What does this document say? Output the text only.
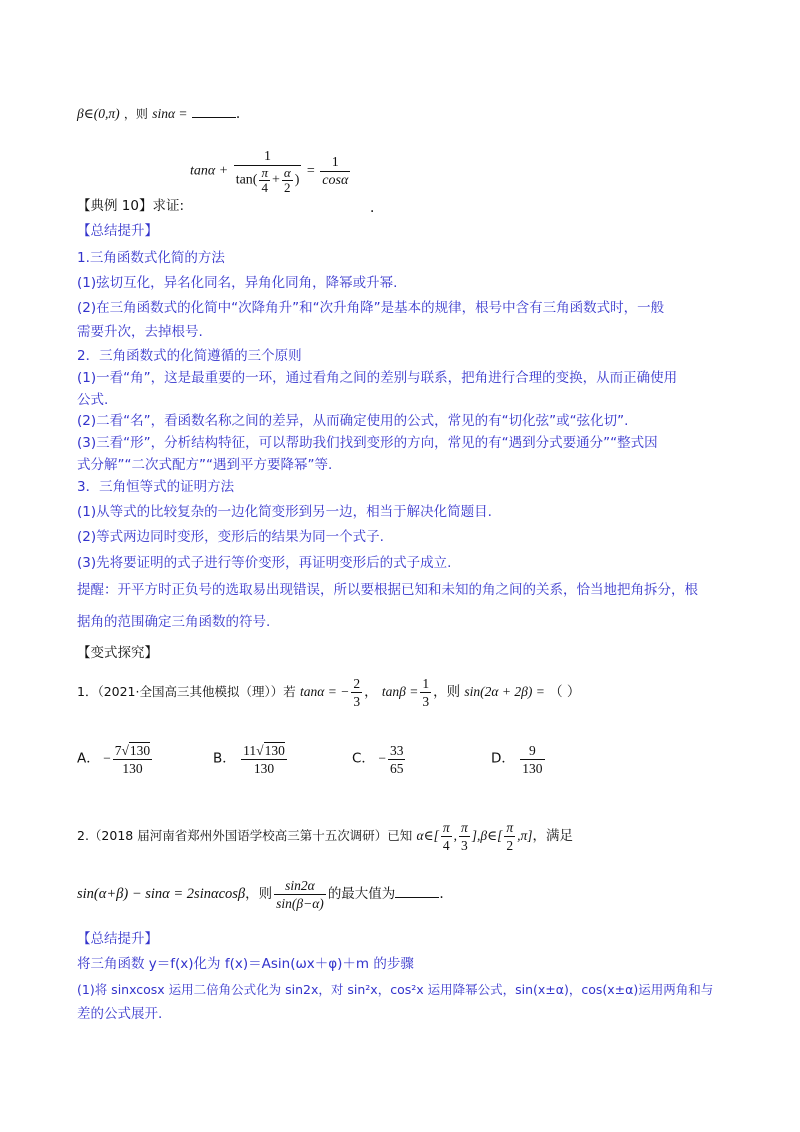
β∈(0,π) ，则 sinα =	.
$\tan\alpha + \frac{1}{\tan( \frac{\pi}{4} + \frac{\alpha}{2} )} = \frac{1}{\cos\alpha}$
【典例 10】求证:	.
【总结提升】
1.三角函数式化简的方法
(1)弦切互化，异名化同名，异角化同角，降幂或升幂.
(2)在三角函数式的化简中“次降角升”和“次升角降”是基本的规律，根号中含有三角函数式时，一般
需要升次，去掉根号.
2．三角函数式的化简遵循的三个原则
(1)一看“角”，这是最重要的一环，通过看角之间的差别与联系，把角进行合理的变换，从而正确使用
公式.
(2)二看“名”，看函数名称之间的差异，从而确定使用的公式，常见的有“切化弦”或“弦化切”.
(3)三看“形”，分析结构特征，可以帮助我们找到变形的方向，常见的有“遇到分式要通分”“整式因
式分解”“二次式配方”“遇到平方要降幂”等.
3．三角恒等式的证明方法
(1)从等式的比较复杂的一边化简变形到另一边，相当于解决化简题目.
(2)等式两边同时变形，变形后的结果为同一个式子.
(3)先将要证明的式子进行等价变形，再证明变形后的式子成立.
提醒：开平方时正负号的选取易出现错误，所以要根据已知和未知的角之间的关系，恰当地把角拆分，根
据角的范围确定三角函数的符号.
【变式探究】
1．（2021·全国高三其他模拟（理））若 tanα = − $\frac{2}{3}$ ， $\tan\beta = \frac{1}{3}$ ，则 sin(2α + 2β) = （ ）
A． − $\frac{7√130}{130}$	B． $\frac{11√130}{130}$	C． − $\frac{33}{65}$	D． $\frac{9}{130}$
2.（2018 届河南省郑州外国语学校高三第十五次调研）已知 α∈[ $\frac{\pi}{4}$ , $\frac{\pi}{3}$ ],β∈[ $\frac{\pi}{2} ,\pi$]，满足
sin(α+β) − sinα = 2sinαcosβ，则 $\frac{\sin 2\alpha}{\sin(\beta-\alpha)}$ 的最大值为	.
【总结提升】
将三角函数 y＝f(x)化为 f(x)＝Asin(ωx＋φ)＋m 的步骤
(1)将 sinxcosx 运用二倍角公式化为 sin2x，对 sin²x，cos²x 运用降幂公式，sin(x±α)，cos(x±α)运用两角和与
差的公式展开.
